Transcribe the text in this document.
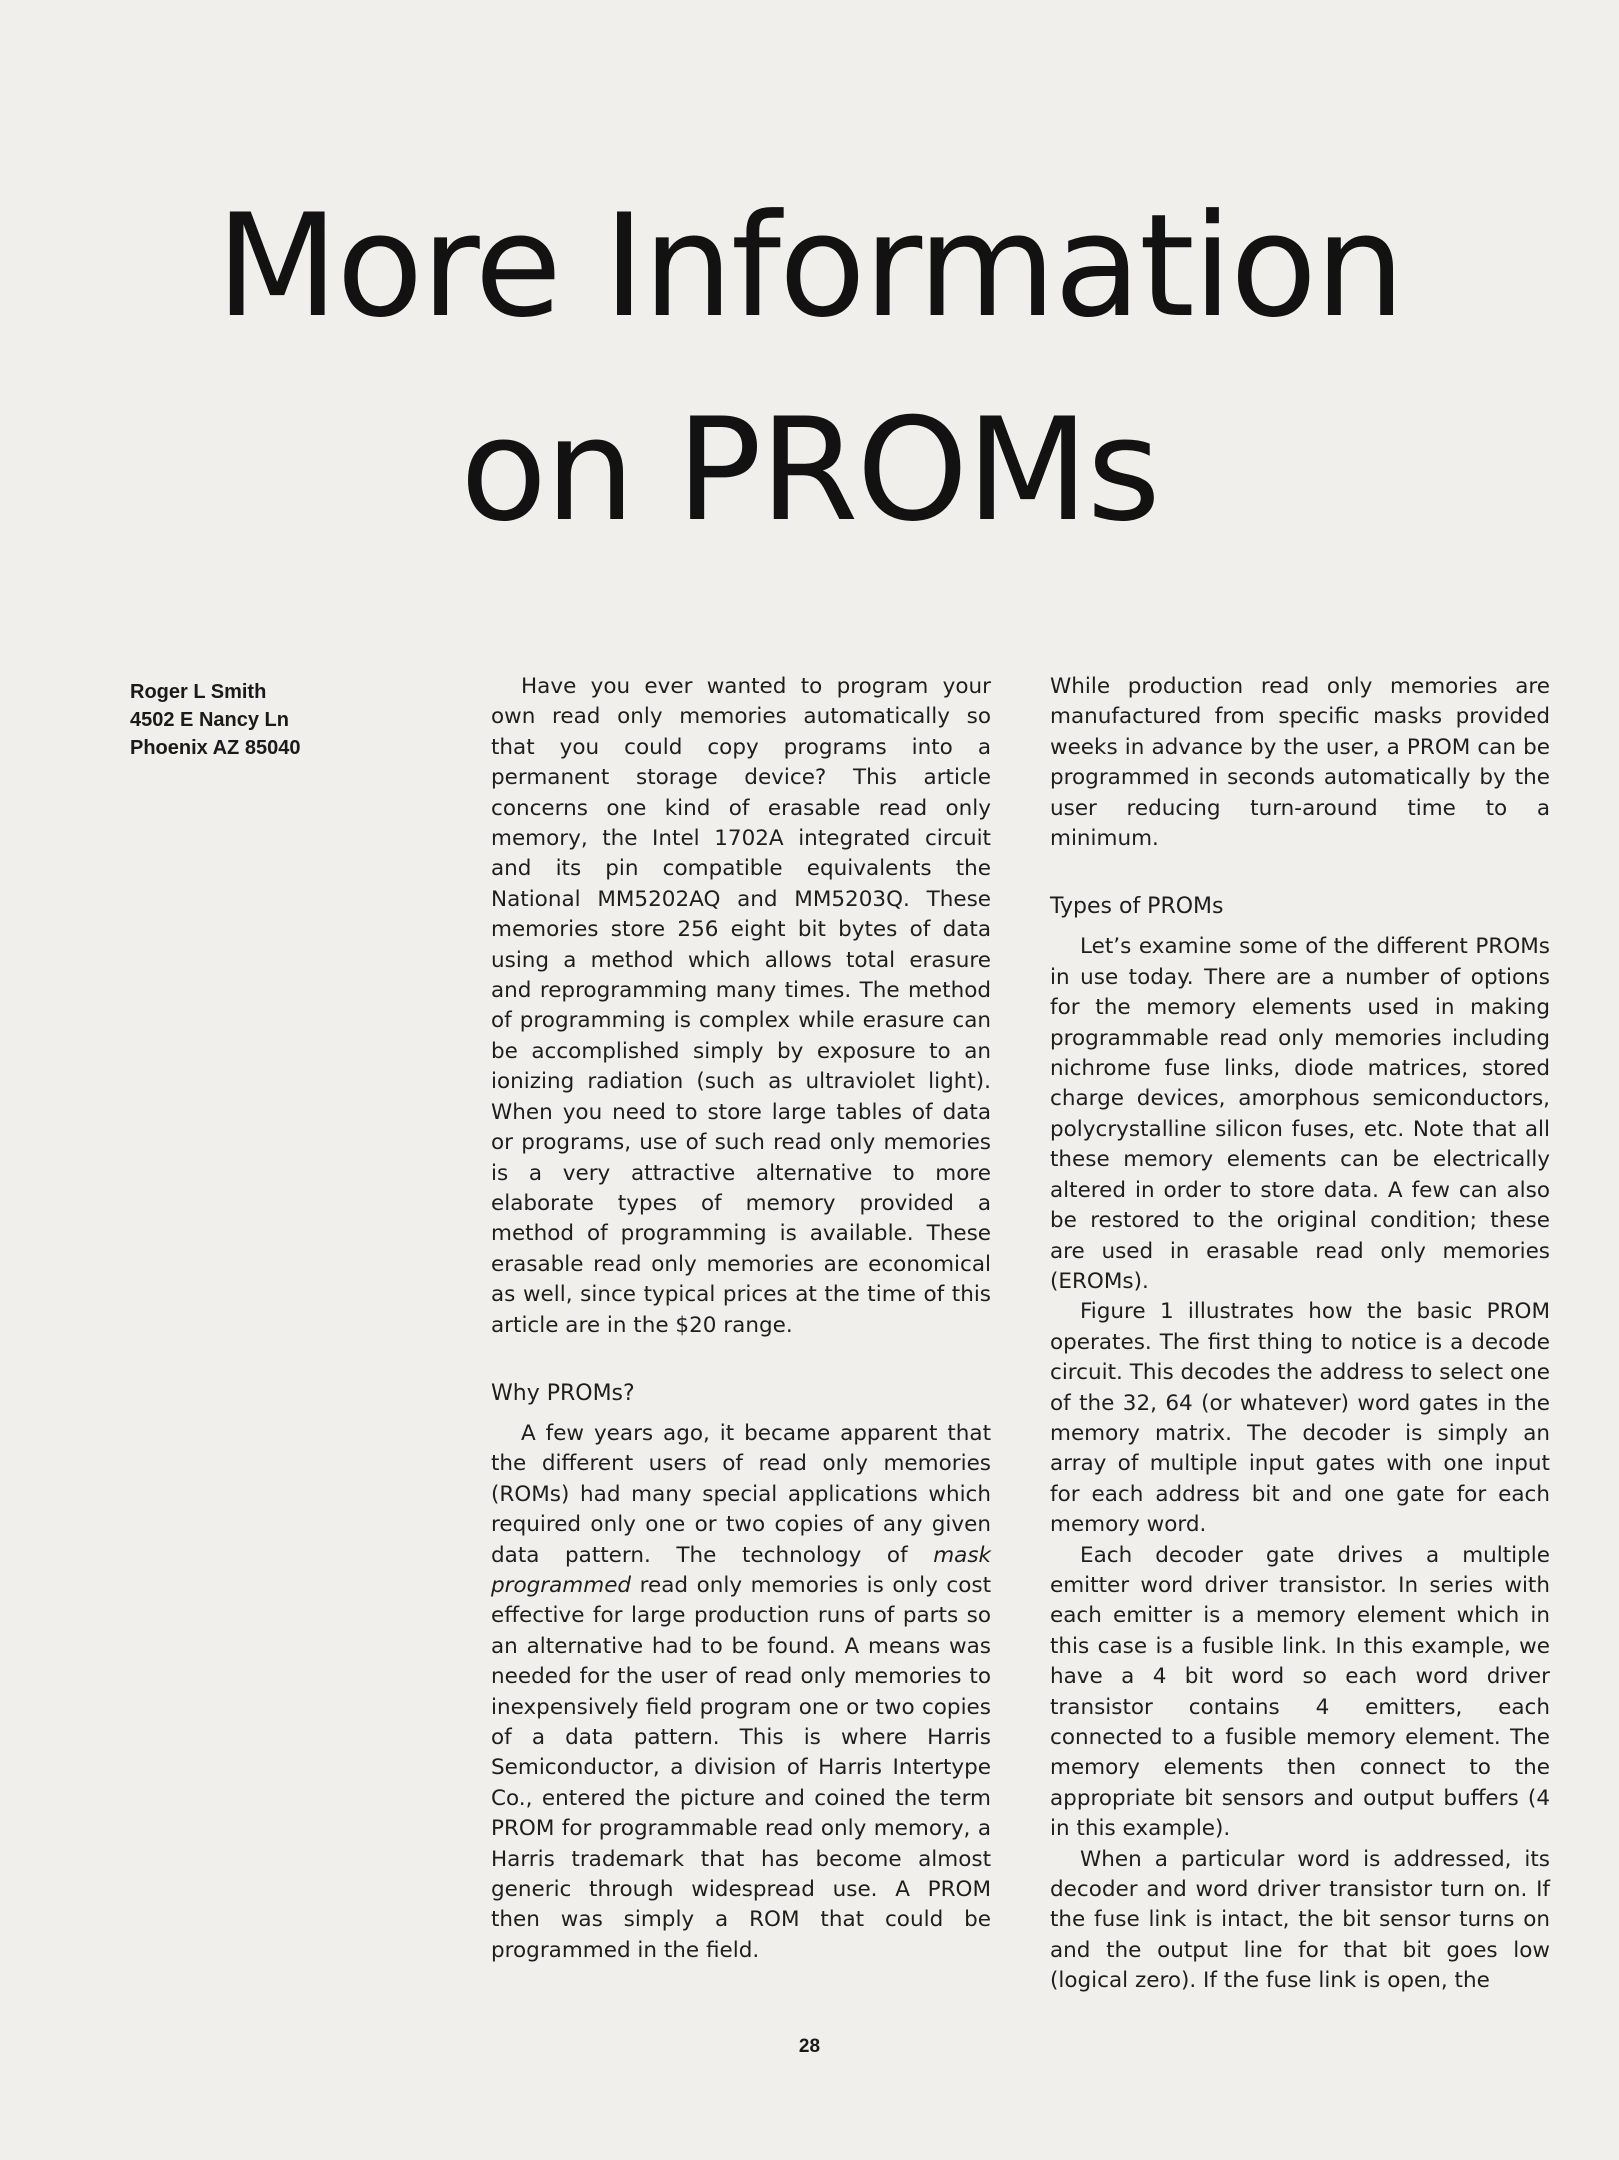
More Information
on PROMs
Roger L Smith
4502 E Nancy Ln
Phoenix AZ 85040

Have you ever wanted to program your own read only memories automatically so that you could copy programs into a permanent storage device? This article concerns one kind of erasable read only memory, the Intel 1702A integrated circuit and its pin compatible equivalents the National MM5202AQ and MM5203Q. These memories store 256 eight bit bytes of data using a method which allows total erasure and reprogramming many times. The method of programming is complex while erasure can be accomplished simply by exposure to an ionizing radiation (such as ultraviolet light). When you need to store large tables of data or programs, use of such read only memories is a very attractive alternative to more elaborate types of memory provided a method of programming is available. These erasable read only memories are economical as well, since typical prices at the time of this article are in the $20 range.

Why PROMs?

A few years ago, it became apparent that the different users of read only memories (ROMs) had many special applications which required only one or two copies of any given data pattern. The technology of mask programmed read only memories is only cost effective for large production runs of parts so an alternative had to be found. A means was needed for the user of read only memories to inexpensively field program one or two copies of a data pattern. This is where Harris Semiconductor, a division of Harris Intertype Co., entered the picture and coined the term PROM for programmable read only memory, a Harris trademark that has become almost generic through widespread use. A PROM then was simply a ROM that could be programmed in the field.

While production read only memories are manufactured from specific masks provided weeks in advance by the user, a PROM can be programmed in seconds automatically by the user reducing turn-around time to a minimum.

Types of PROMs

Let’s examine some of the different PROMs in use today. There are a number of options for the memory elements used in making programmable read only memories including nichrome fuse links, diode matrices, stored charge devices, amorphous semiconductors, polycrystalline silicon fuses, etc. Note that all these memory elements can be electrically altered in order to store data. A few can also be restored to the original condition; these are used in erasable read only memories (EROMs).

Figure 1 illustrates how the basic PROM operates. The first thing to notice is a decode circuit. This decodes the address to select one of the 32, 64 (or whatever) word gates in the memory matrix. The decoder is simply an array of multiple input gates with one input for each address bit and one gate for each memory word.

Each decoder gate drives a multiple emitter word driver transistor. In series with each emitter is a memory element which in this case is a fusible link. In this example, we have a 4 bit word so each word driver transistor contains 4 emitters, each connected to a fusible memory element. The memory elements then connect to the appropriate bit sensors and output buffers (4 in this example).

When a particular word is addressed, its decoder and word driver transistor turn on. If the fuse link is intact, the bit sensor turns on and the output line for that bit goes low (logical zero). If the fuse link is open, the

28
